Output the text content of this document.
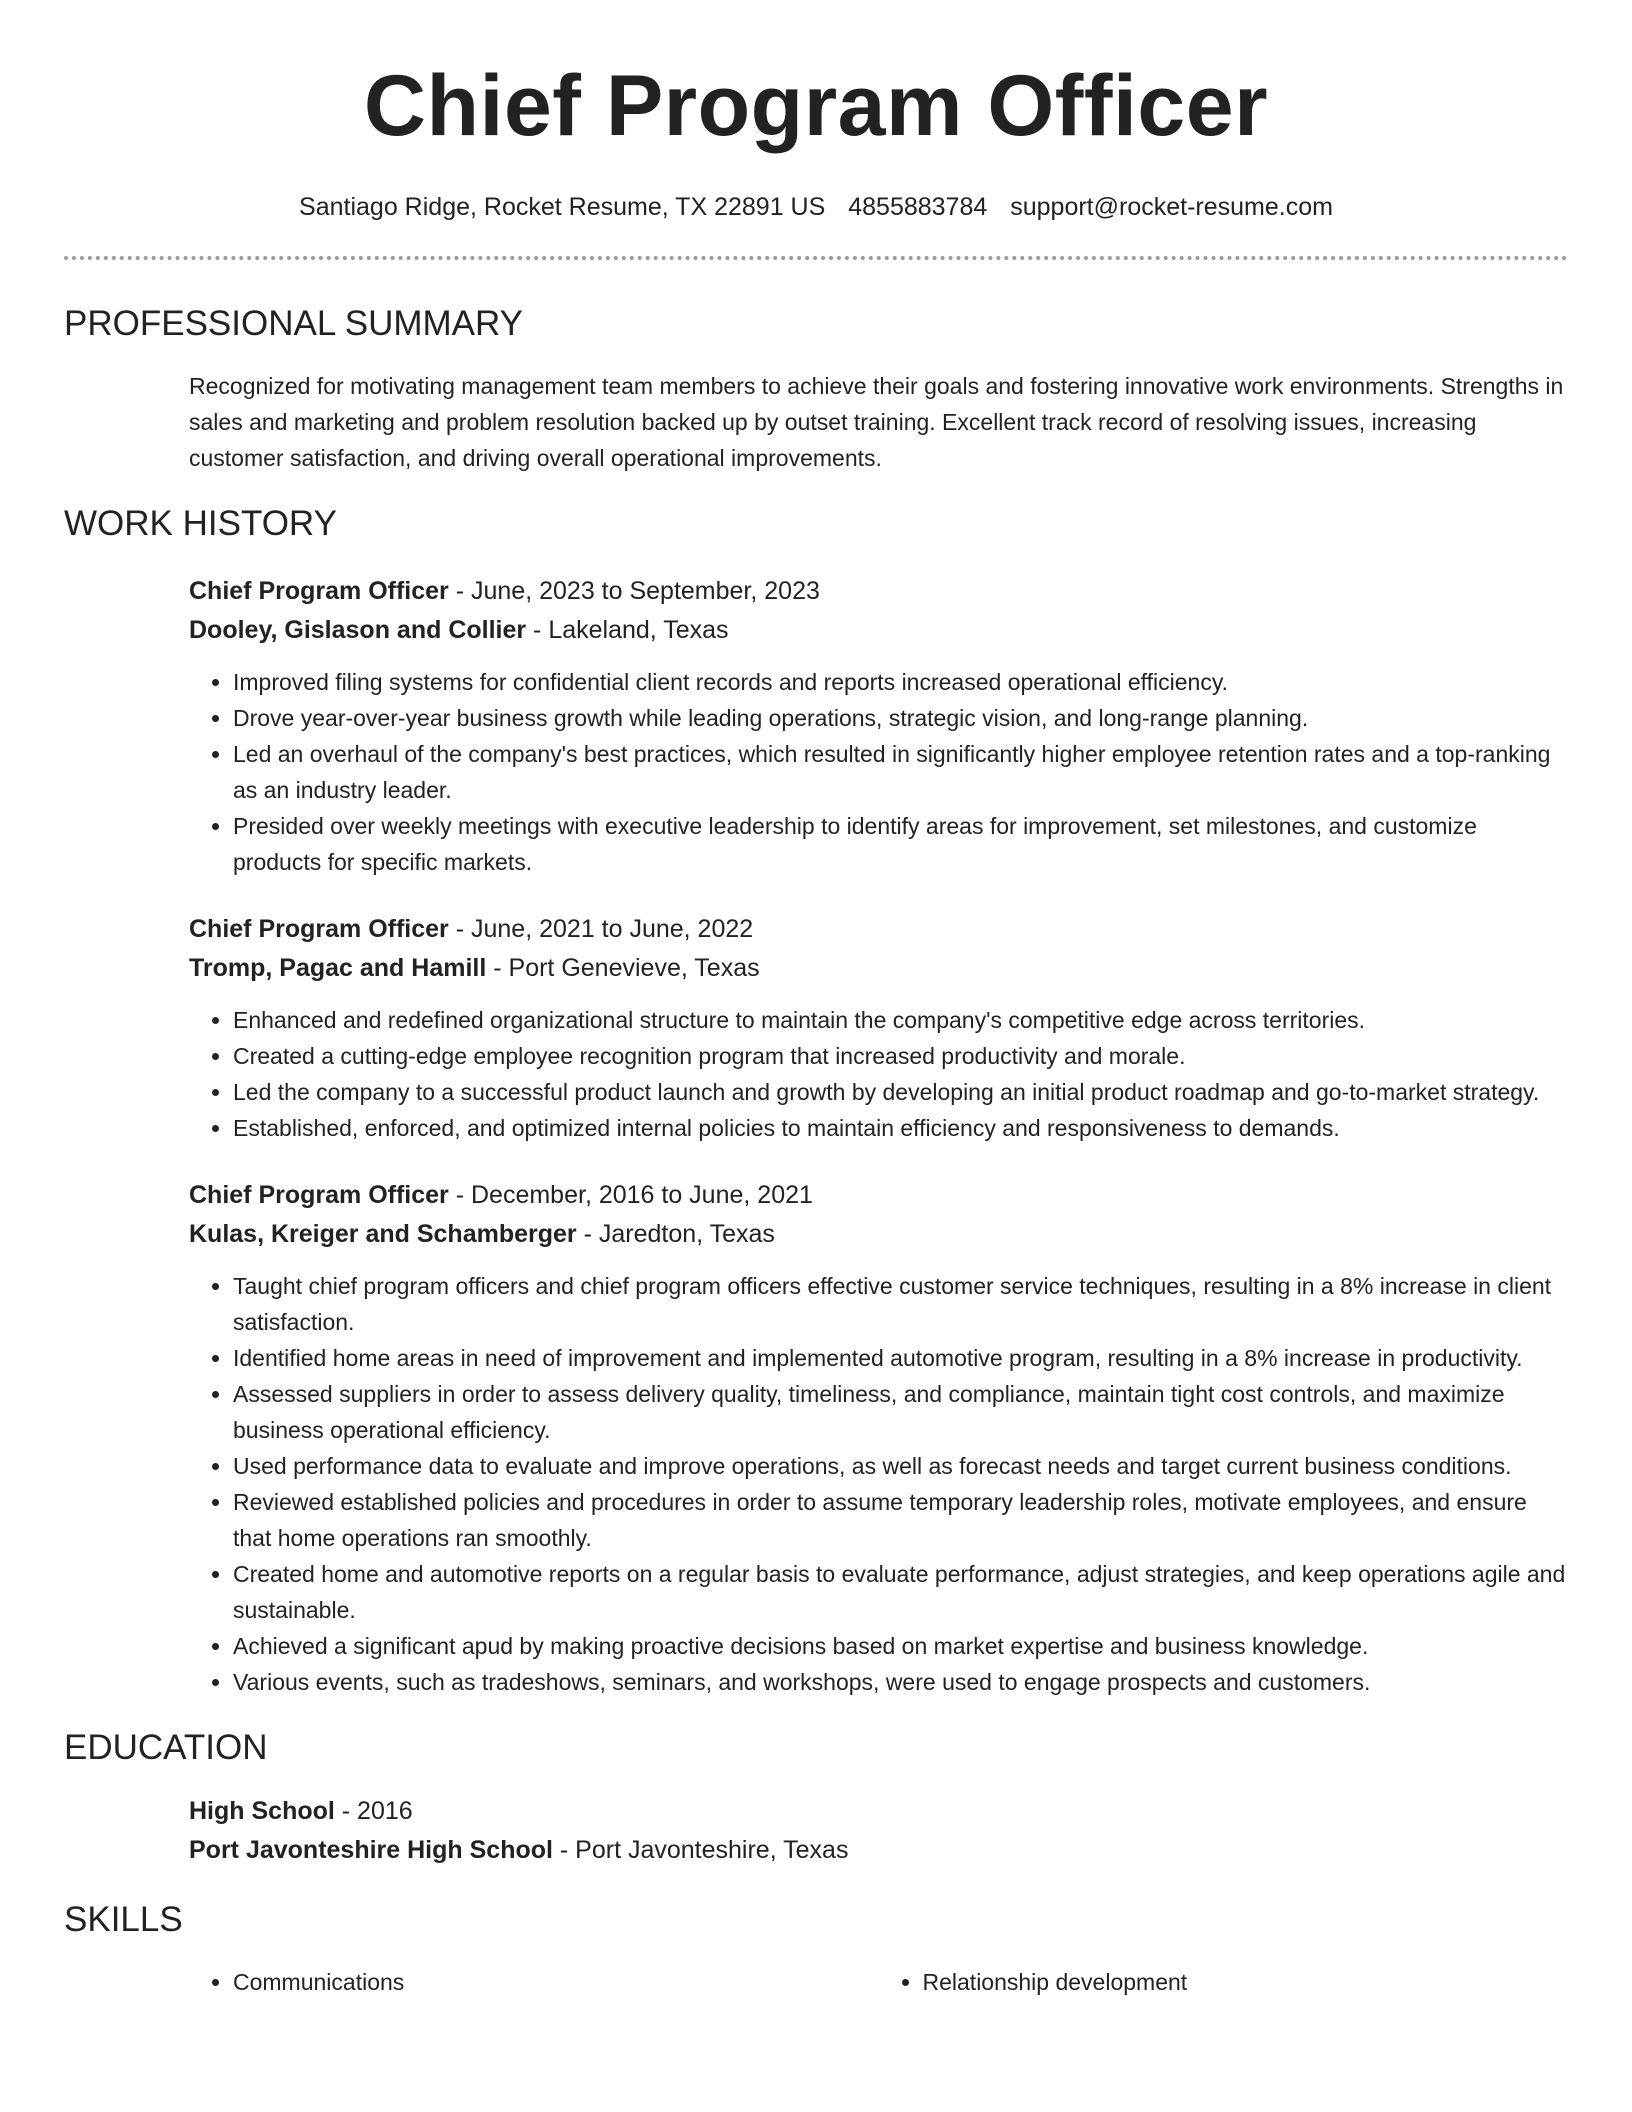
Chief Program Officer
Santiago Ridge, Rocket Resume, TX 22891 US 4855883784 support@rocket-resume.com
PROFESSIONAL SUMMARY
Recognized for motivating management team members to achieve their goals and fostering innovative work environments. Strengths in sales and marketing and problem resolution backed up by outset training. Excellent track record of resolving issues, increasing customer satisfaction, and driving overall operational improvements.
WORK HISTORY
Chief Program Officer - June, 2023 to September, 2023
Dooley, Gislason and Collier - Lakeland, Texas
• Improved filing systems for confidential client records and reports increased operational efficiency.
• Drove year-over-year business growth while leading operations, strategic vision, and long-range planning.
• Led an overhaul of the company's best practices, which resulted in significantly higher employee retention rates and a top-ranking as an industry leader.
• Presided over weekly meetings with executive leadership to identify areas for improvement, set milestones, and customize products for specific markets.
Chief Program Officer - June, 2021 to June, 2022
Tromp, Pagac and Hamill - Port Genevieve, Texas
• Enhanced and redefined organizational structure to maintain the company's competitive edge across territories.
• Created a cutting-edge employee recognition program that increased productivity and morale.
• Led the company to a successful product launch and growth by developing an initial product roadmap and go-to-market strategy.
• Established, enforced, and optimized internal policies to maintain efficiency and responsiveness to demands.
Chief Program Officer - December, 2016 to June, 2021
Kulas, Kreiger and Schamberger - Jaredton, Texas
• Taught chief program officers and chief program officers effective customer service techniques, resulting in a 8% increase in client satisfaction.
• Identified home areas in need of improvement and implemented automotive program, resulting in a 8% increase in productivity.
• Assessed suppliers in order to assess delivery quality, timeliness, and compliance, maintain tight cost controls, and maximize business operational efficiency.
• Used performance data to evaluate and improve operations, as well as forecast needs and target current business conditions.
• Reviewed established policies and procedures in order to assume temporary leadership roles, motivate employees, and ensure that home operations ran smoothly.
• Created home and automotive reports on a regular basis to evaluate performance, adjust strategies, and keep operations agile and sustainable.
• Achieved a significant apud by making proactive decisions based on market expertise and business knowledge.
• Various events, such as tradeshows, seminars, and workshops, were used to engage prospects and customers.
EDUCATION
High School - 2016
Port Javonteshire High School - Port Javonteshire, Texas
SKILLS
• Communications
•	Relationship development
